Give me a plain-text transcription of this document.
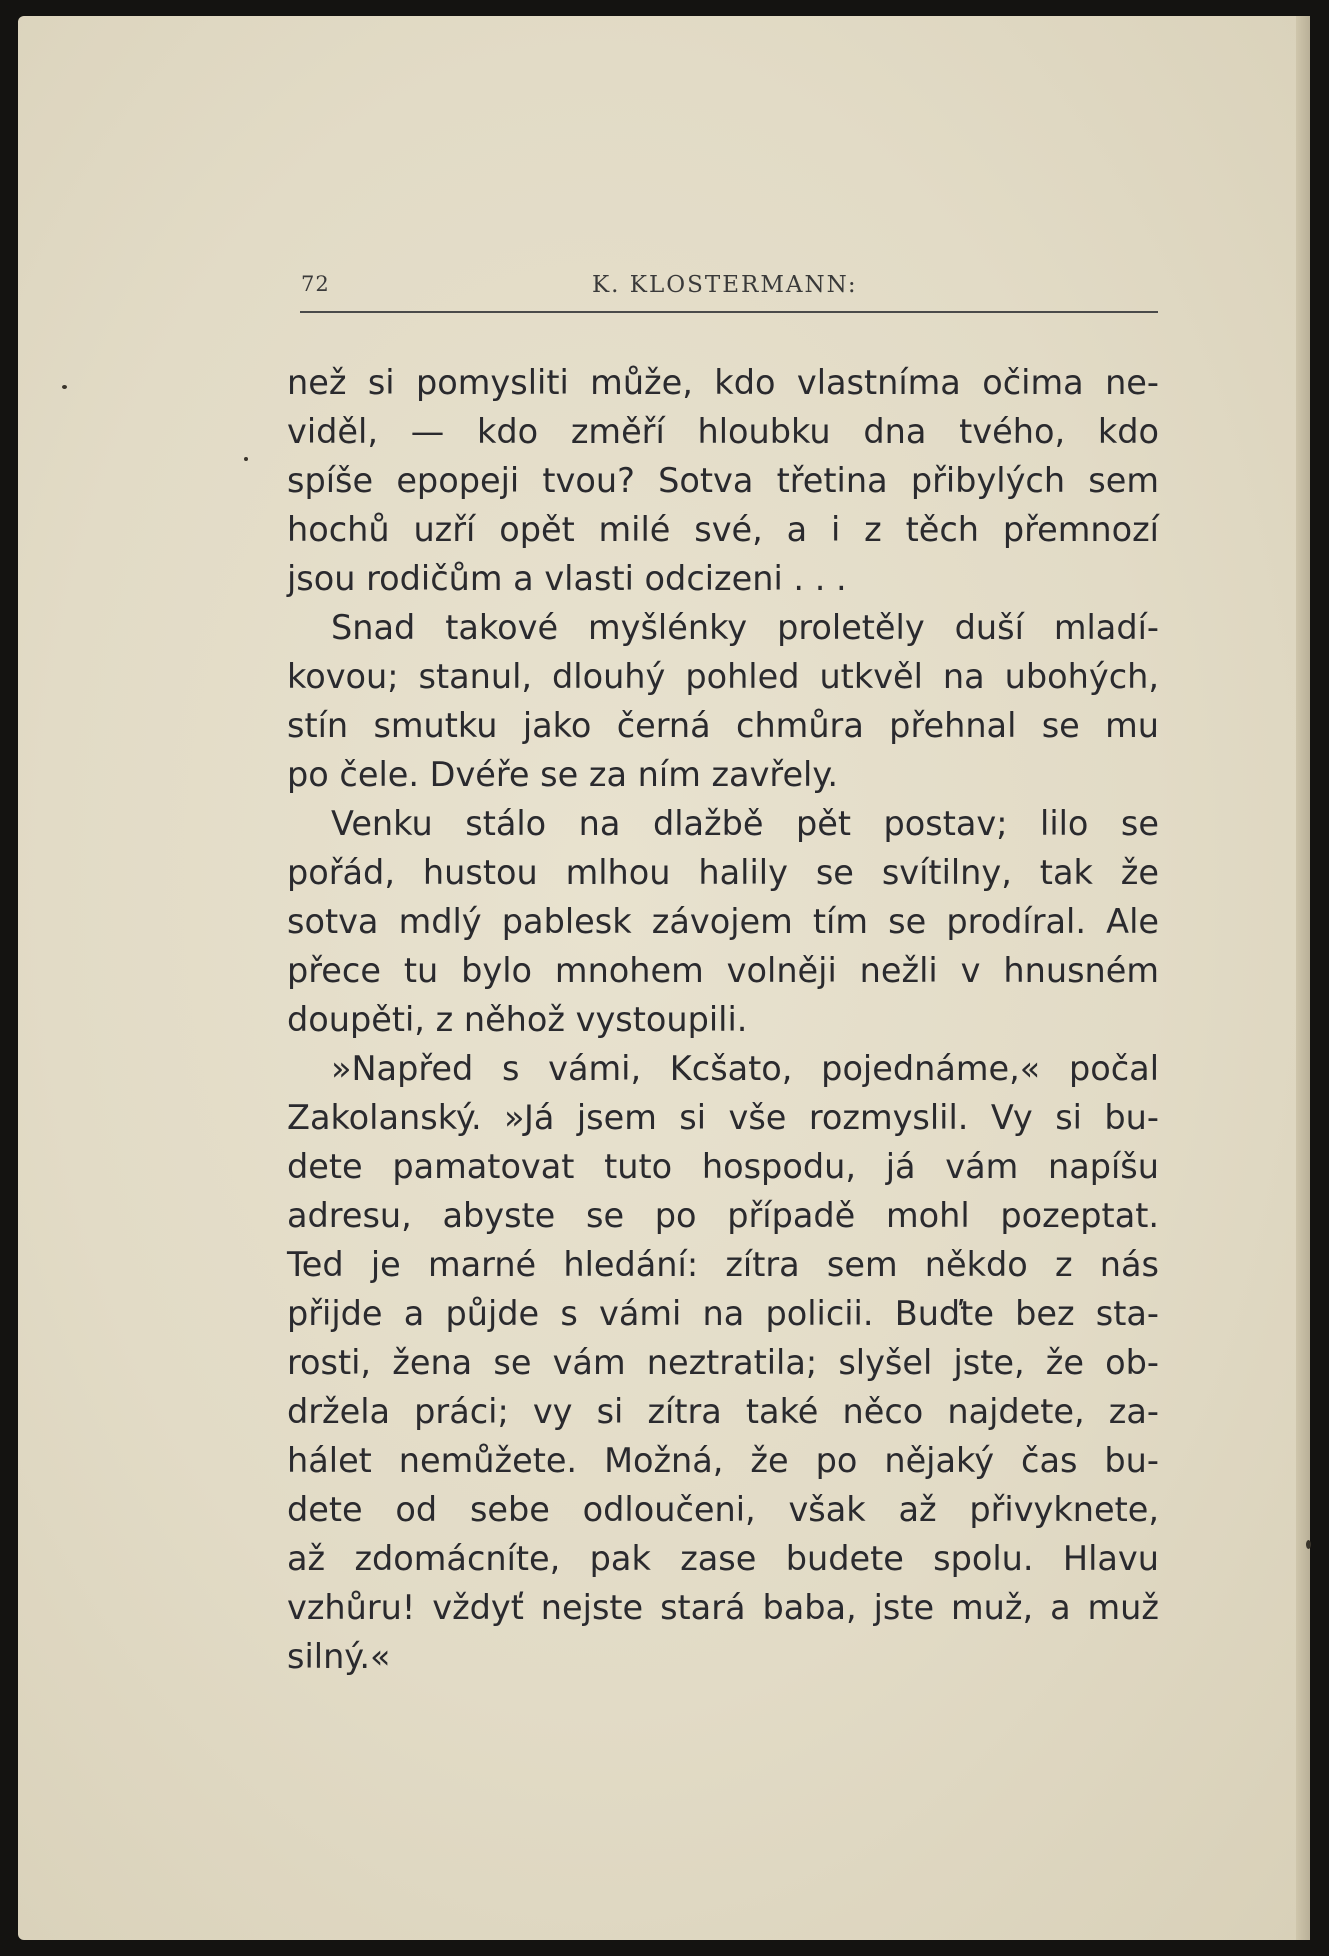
72	K. KLOSTERMANN:
než si pomysliti může, kdo vlastníma očima ne-
viděl, — kdo změří hloubku dna tvého, kdo
spíše epopeji tvou? Sotva třetina přibylých sem
hochů uzří opět milé své, a i z těch přemnozí
jsou rodičům a vlasti odcizeni . . .
Snad takové myšlénky proletěly duší mladí-
kovou; stanul, dlouhý pohled utkvěl na ubohých,
stín smutku jako černá chmůra přehnal se mu
po čele. Dvéře se za ním zavřely.
Venku stálo na dlažbě pět postav; lilo se
pořád, hustou mlhou halily se svítilny, tak že
sotva mdlý pablesk závojem tím se prodíral. Ale
přece tu bylo mnohem volněji nežli v hnusném
doupěti, z něhož vystoupili.
»Napřed s vámi, Kcšato, pojednáme,« počal
Zakolanský. »Já jsem si vše rozmyslil. Vy si bu-
dete pamatovat tuto hospodu, já vám napíšu
adresu, abyste se po případě mohl pozeptat.
Ted je marné hledání: zítra sem někdo z nás
přijde a půjde s vámi na policii. Buďte bez sta-
rosti, žena se vám neztratila; slyšel jste, že ob-
držela práci; vy si zítra také něco najdete, za-
hálet nemůžete. Možná, že po nějaký čas bu-
dete od sebe odloučeni, však až přivyknete,
až zdomácníte, pak zase budete spolu. Hlavu
vzhůru! vždyť nejste stará baba, jste muž, a muž
silný.«
